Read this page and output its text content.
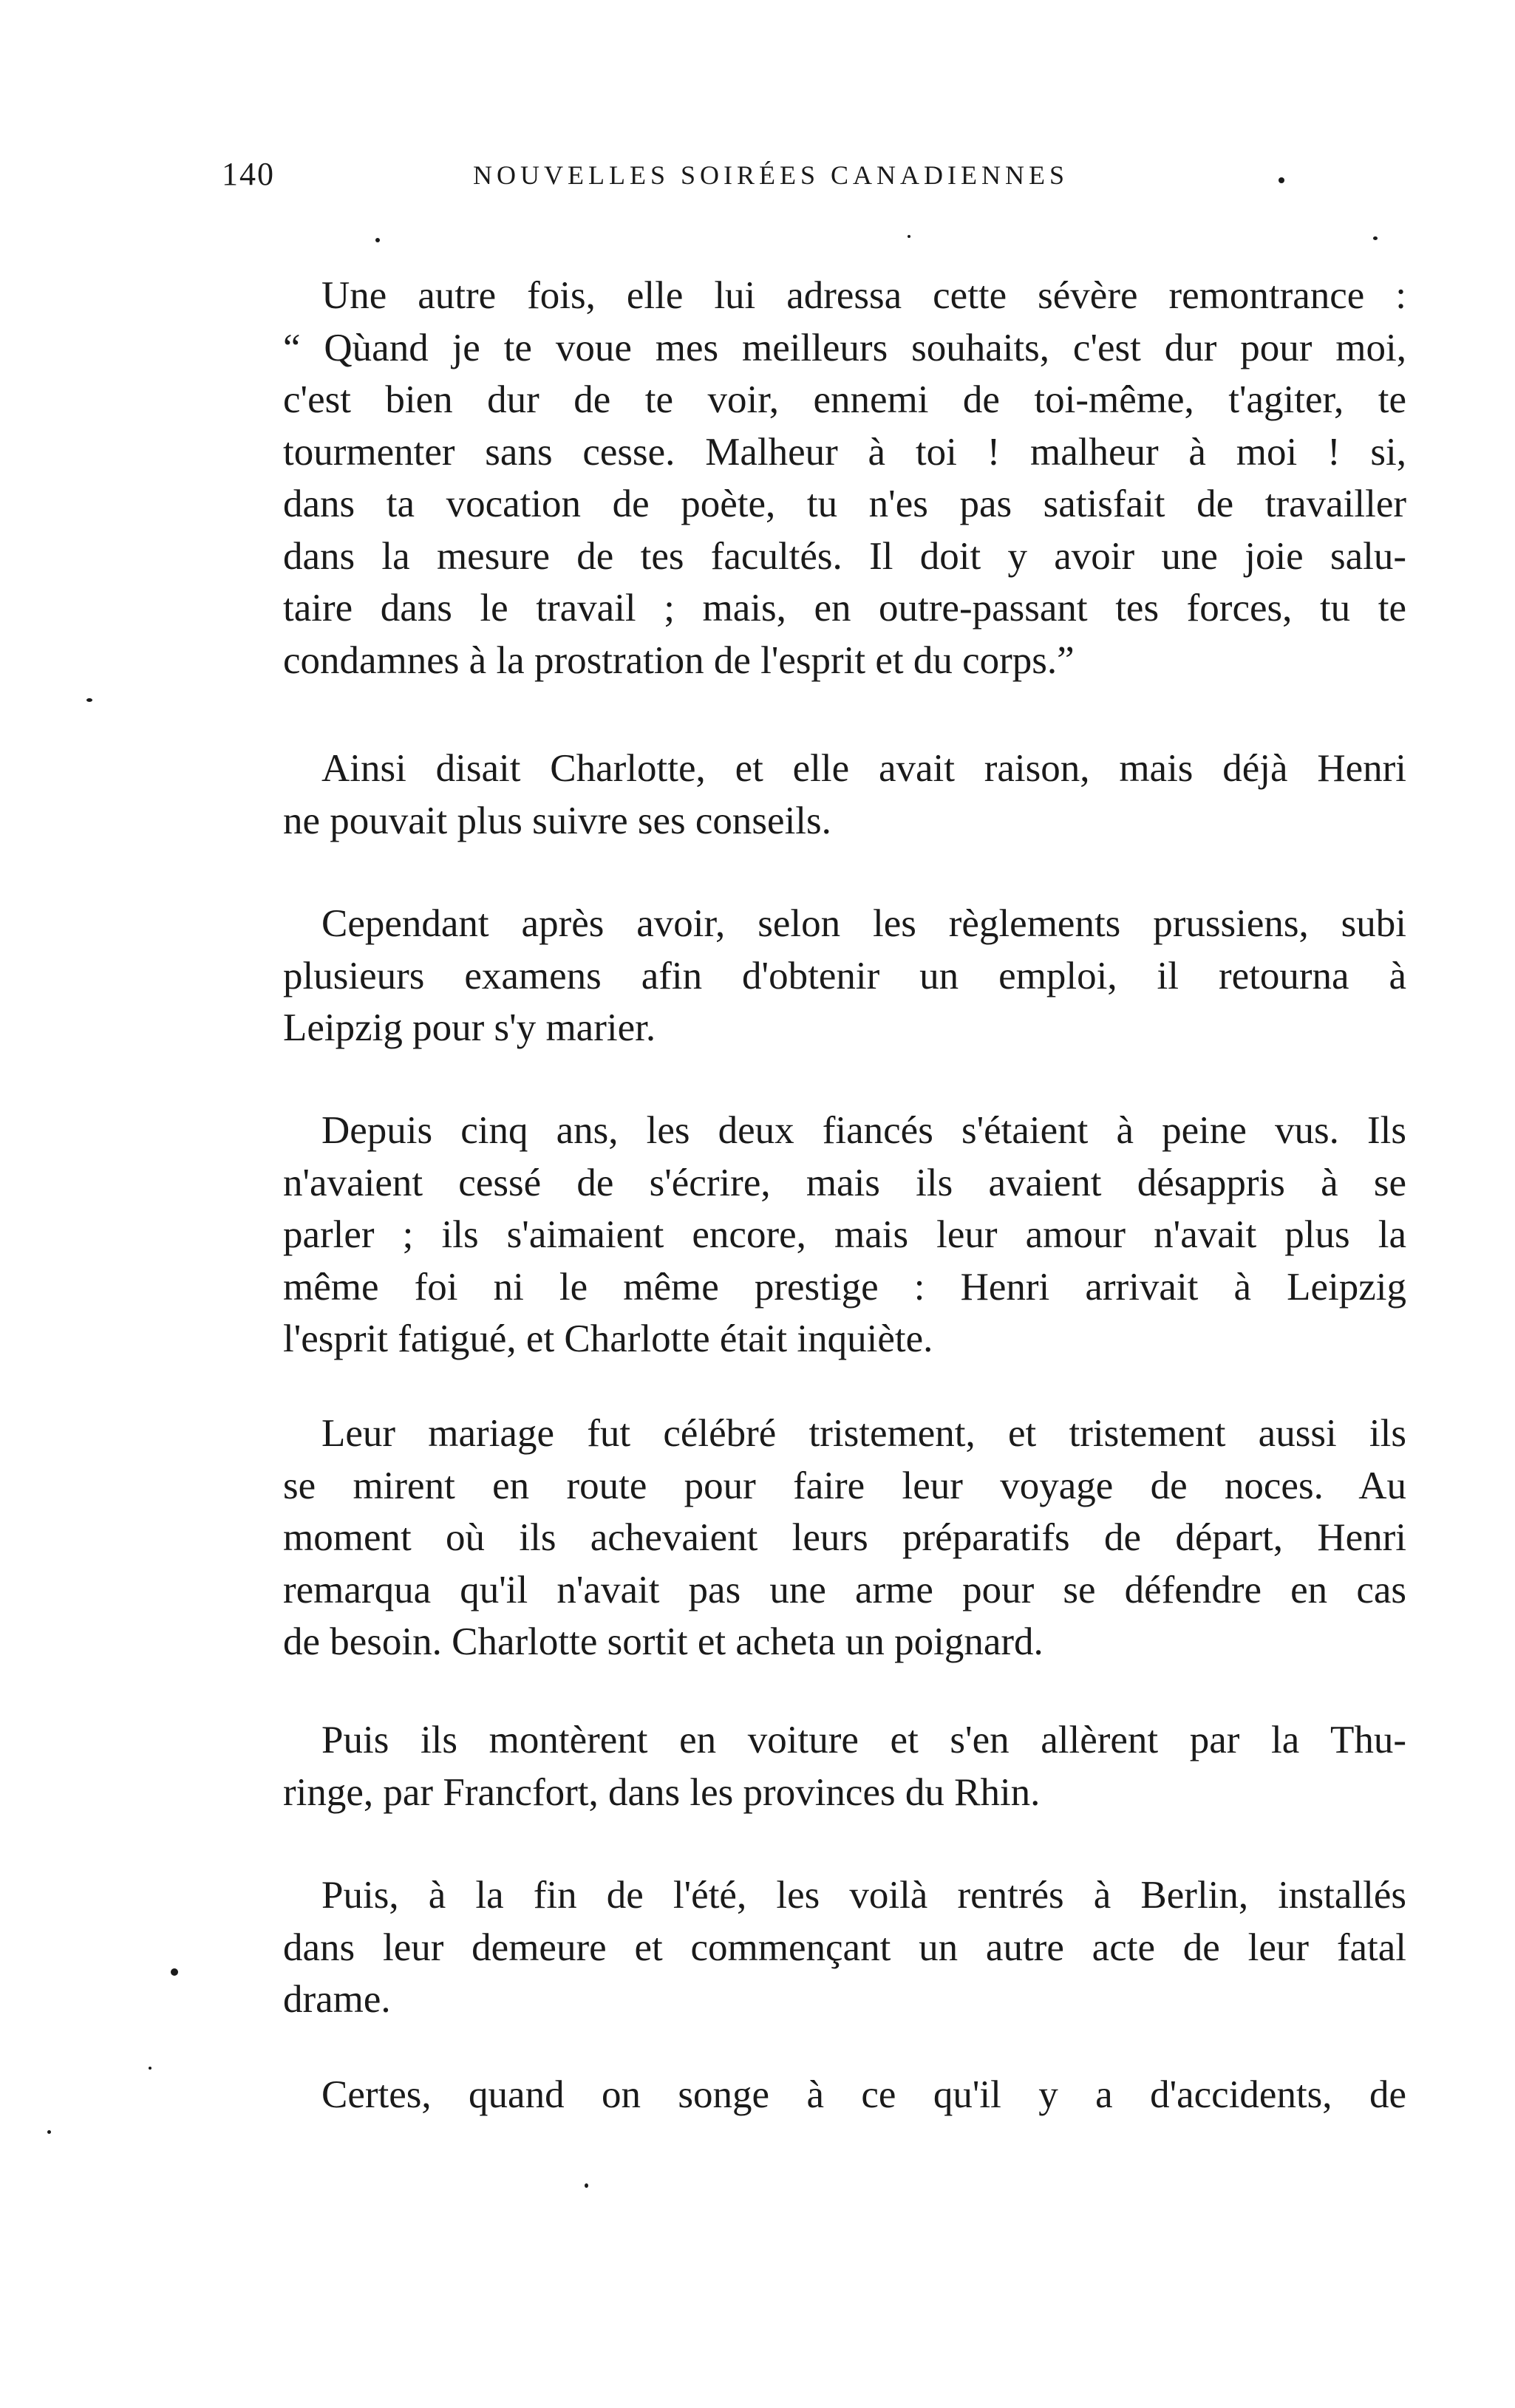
140	NOUVELLES SOIRÉES CANADIENNES
Une autre fois, elle lui adressa cette sévère remontrance :
“ Qùand je te voue mes meilleurs souhaits, c'est dur pour moi,
c'est bien dur de te voir, ennemi de toi-même, t'agiter, te
tourmenter sans cesse. Malheur à toi ! malheur à moi ! si,
dans ta vocation de poète, tu n'es pas satisfait de travailler
dans la mesure de tes facultés. Il doit y avoir une joie salu-
taire dans le travail ; mais, en outre-passant tes forces, tu te
condamnes à la prostration de l'esprit et du corps.”
Ainsi disait Charlotte, et elle avait raison, mais déjà Henri
ne pouvait plus suivre ses conseils.
Cependant après avoir, selon les règlements prussiens, subi
plusieurs examens afin d'obtenir un emploi, il retourna à
Leipzig pour s'y marier.
Depuis cinq ans, les deux fiancés s'étaient à peine vus. Ils
n'avaient cessé de s'écrire, mais ils avaient désappris à se
parler ; ils s'aimaient encore, mais leur amour n'avait plus la
même foi ni le même prestige : Henri arrivait à Leipzig
l'esprit fatigué, et Charlotte était inquiète.
Leur mariage fut célébré tristement, et tristement aussi ils
se mirent en route pour faire leur voyage de noces. Au
moment où ils achevaient leurs préparatifs de départ, Henri
remarqua qu'il n'avait pas une arme pour se défendre en cas
de besoin. Charlotte sortit et acheta un poignard.
Puis ils montèrent en voiture et s'en allèrent par la Thu-
ringe, par Francfort, dans les provinces du Rhin.
Puis, à la fin de l'été, les voilà rentrés à Berlin, installés
dans leur demeure et commençant un autre acte de leur fatal
drame.
Certes, quand on songe à ce qu'il y a d'accidents, de
